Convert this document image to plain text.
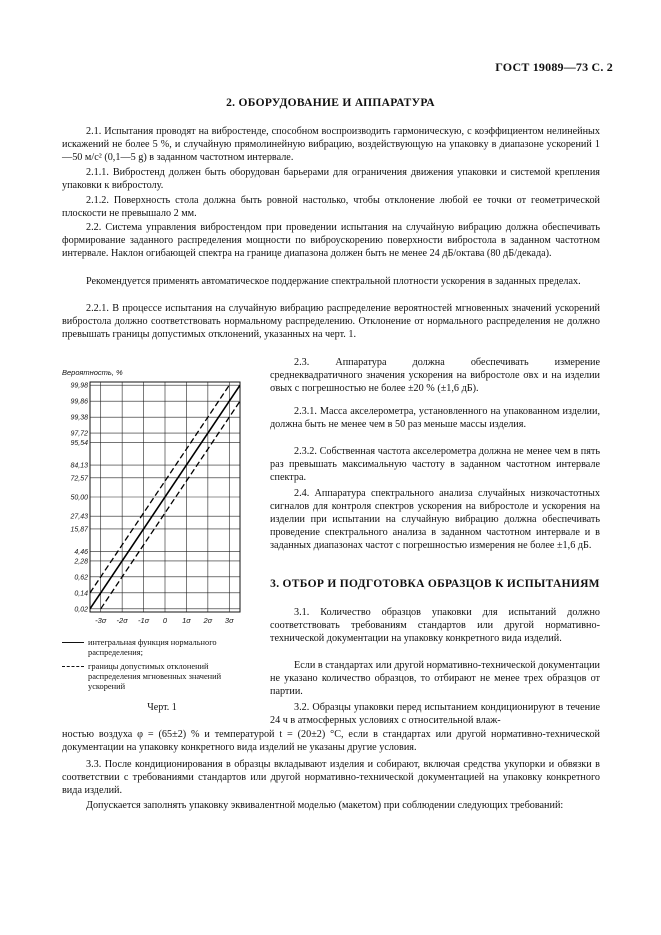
ГОСТ 19089—73 С. 2
2. ОБОРУДОВАНИЕ И АППАРАТУРА

2.1. Испытания проводят на вибростенде, способном воспроизводить гармоническую, с коэффициентом нелинейных искажений не более 5 %, и случайную прямолинейную вибрацию, воздействующую на упаковку в диапазоне ускорений 1—50 м/с² (0,1—5 g) в заданном частотном интервале.

2.1.1. Вибростенд должен быть оборудован барьерами для ограничения движения упаковки и системой крепления упаковки к вибростолу.

2.1.2. Поверхность стола должна быть ровной настолько, чтобы отклонение любой ее точки от геометрической плоскости не превышало 2 мм.

2.2. Система управления вибростендом при проведении испытания на случайную вибрацию должна обеспечивать формирование заданного распределения мощности по виброускорению поверхности вибростола в заданном частотном интервале. Наклон огибающей спектра на границе диапазона должен быть не менее 24 дБ/октава (80 дБ/декада).

Рекомендуется применять автоматическое поддержание спектральной плотности ускорения в заданных пределах.

2.2.1. В процессе испытания на случайную вибрацию распределение вероятностей мгновенных значений ускорений вибростола должно соответствовать нормальному распределению. Отклонение от нормального распределения не должно превышать границы допустимых отклонений, указанных на черт. 1.

Вероятность, %
99,98
99,86
99,38
97,72
95,54
84,13
72,57
50,00
27,43
15,87
4,46
2,28
0,62
0,14
0,02
-3σ -2σ -1σ 0 1σ 2σ 3σ
интегральная функция нормального распределения;
границы допустимых отклонений распределения мгновенных значений ускорений
Черт. 1

2.3. Аппаратура должна обеспечивать измерение среднеквадратичного значения ускорения на вибростоле σвх и на изделии σвых с погрешностью не более ±20 % (±1,6 дБ).

2.3.1. Масса акселерометра, установленного на упакованном изделии, должна быть не менее чем в 50 раз меньше массы изделия.

2.3.2. Собственная частота акселерометра должна не менее чем в пять раз превышать максимальную частоту в заданном частотном интервале спектра.

2.4. Аппаратура спектрального анализа случайных низкочастотных сигналов для контроля спектров ускорения на вибростоле и ускорения на изделии при испытании на случайную вибрацию должна обеспечивать проведение спектрального анализа в заданном частотном интервале и в заданных диапазонах частот с погрешностью измерения не более ±1,6 дБ.

3. ОТБОР И ПОДГОТОВКА ОБРАЗЦОВ К ИСПЫТАНИЯМ

3.1. Количество образцов упаковки для испытаний должно соответствовать требованиям стандартов или другой нормативно-технической документации на упаковку конкретного вида изделий.

Если в стандартах или другой нормативно-технической документации не указано количество образцов, то отбирают не менее трех образцов от партии.

3.2. Образцы упаковки перед испытанием кондиционируют в течение 24 ч в атмосферных условиях с относительной влаж-

ностью воздуха φ = (65±2) % и температурой t = (20±2) °С, если в стандартах или другой нормативно-технической документации на упаковку конкретного вида изделий не указаны другие условия.

3.3. После кондиционирования в образцы вкладывают изделия и собирают, включая средства укупорки и обвязки в соответствии с требованиями стандартов или другой нормативно-технической документацией на упаковку конкретного вида изделий.

Допускается заполнять упаковку эквивалентной моделью (макетом) при соблюдении следующих требований:
